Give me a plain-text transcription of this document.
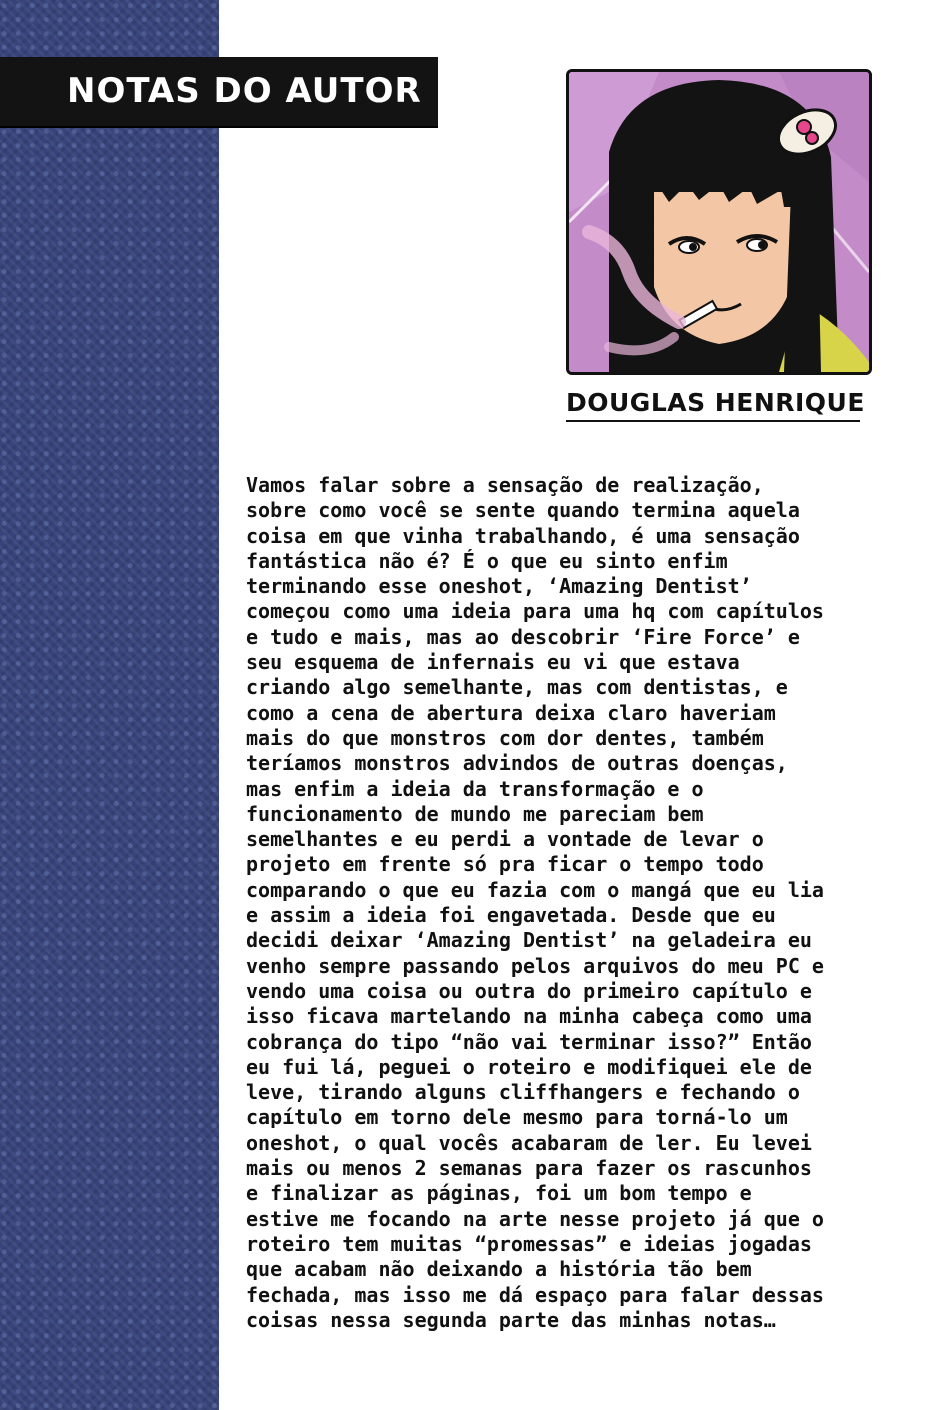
NOTAS DO AUTOR
DOUGLAS HENRIQUE
Vamos falar sobre a sensação de realização,
sobre como você se sente quando termina aquela
coisa em que vinha trabalhando, é uma sensação
fantástica não é? É o que eu sinto enfim
terminando esse oneshot, ‘Amazing Dentist’
começou como uma ideia para uma hq com capítulos
e tudo e mais, mas ao descobrir ‘Fire Force’ e
seu esquema de infernais eu vi que estava
criando algo semelhante, mas com dentistas, e
como a cena de abertura deixa claro haveriam
mais do que monstros com dor dentes, também
teríamos monstros advindos de outras doenças,
mas enfim a ideia da transformação e o
funcionamento de mundo me pareciam bem
semelhantes e eu perdi a vontade de levar o
projeto em frente só pra ficar o tempo todo
comparando o que eu fazia com o mangá que eu lia
e assim a ideia foi engavetada. Desde que eu
decidi deixar ‘Amazing Dentist’ na geladeira eu
venho sempre passando pelos arquivos do meu PC e
vendo uma coisa ou outra do primeiro capítulo e
isso ficava martelando na minha cabeça como uma
cobrança do tipo “não vai terminar isso?” Então
eu fui lá, peguei o roteiro e modifiquei ele de
leve, tirando alguns cliffhangers e fechando o
capítulo em torno dele mesmo para torná-lo um
oneshot, o qual vocês acabaram de ler. Eu levei
mais ou menos 2 semanas para fazer os rascunhos
e finalizar as páginas, foi um bom tempo e
estive me focando na arte nesse projeto já que o
roteiro tem muitas “promessas” e ideias jogadas
que acabam não deixando a história tão bem
fechada, mas isso me dá espaço para falar dessas
coisas nessa segunda parte das minhas notas…
